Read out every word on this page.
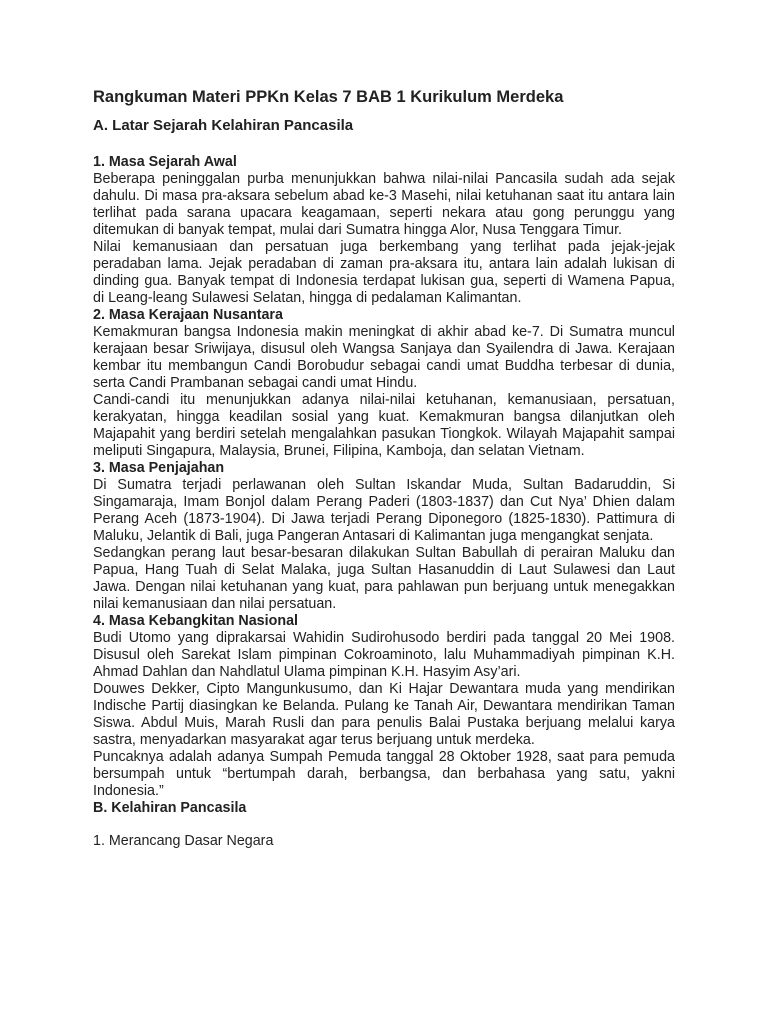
Rangkuman Materi PPKn Kelas 7 BAB 1 Kurikulum Merdeka
A. Latar Sejarah Kelahiran Pancasila
1. Masa Sejarah Awal

Beberapa peninggalan purba menunjukkan bahwa nilai-nilai Pancasila sudah ada sejak dahulu. Di masa pra-aksara sebelum abad ke-3 Masehi, nilai ketuhanan saat itu antara lain terlihat pada sarana upacara keagamaan, seperti nekara atau gong perunggu yang ditemukan di banyak tempat, mulai dari Sumatra hingga Alor, Nusa Tenggara Timur.

Nilai kemanusiaan dan persatuan juga berkembang yang terlihat pada jejak-jejak peradaban lama. Jejak peradaban di zaman pra-aksara itu, antara lain adalah lukisan di dinding gua. Banyak tempat di Indonesia terdapat lukisan gua, seperti di Wamena Papua, di Leang-leang Sulawesi Selatan, hingga di pedalaman Kalimantan.

2. Masa Kerajaan Nusantara

Kemakmuran bangsa Indonesia makin meningkat di akhir abad ke-7. Di Sumatra muncul kerajaan besar Sriwijaya, disusul oleh Wangsa Sanjaya dan Syailendra di Jawa. Kerajaan kembar itu membangun Candi Borobudur sebagai candi umat Buddha terbesar di dunia, serta Candi Prambanan sebagai candi umat Hindu.

Candi-candi itu menunjukkan adanya nilai-nilai ketuhanan, kemanusiaan, persatuan, kerakyatan, hingga keadilan sosial yang kuat. Kemakmuran bangsa dilanjutkan oleh Majapahit yang berdiri setelah mengalahkan pasukan Tiongkok. Wilayah Majapahit sampai meliputi Singapura, Malaysia, Brunei, Filipina, Kamboja, dan selatan Vietnam.

3. Masa Penjajahan

Di Sumatra terjadi perlawanan oleh Sultan Iskandar Muda, Sultan Badaruddin, Si Singamaraja, Imam Bonjol dalam Perang Paderi (1803-1837) dan Cut Nya’ Dhien dalam Perang Aceh (1873-1904). Di Jawa terjadi Perang Diponegoro (1825-1830). Pattimura di Maluku, Jelantik di Bali, juga Pangeran Antasari di Kalimantan juga mengangkat senjata.

Sedangkan perang laut besar-besaran dilakukan Sultan Babullah di perairan Maluku dan Papua, Hang Tuah di Selat Malaka, juga Sultan Hasanuddin di Laut Sulawesi dan Laut Jawa. Dengan nilai ketuhanan yang kuat, para pahlawan pun berjuang untuk menegakkan nilai kemanusiaan dan nilai persatuan.

4. Masa Kebangkitan Nasional

Budi Utomo yang diprakarsai Wahidin Sudirohusodo berdiri pada tanggal 20 Mei 1908. Disusul oleh Sarekat Islam pimpinan Cokroaminoto, lalu Muhammadiyah pimpinan K.H. Ahmad Dahlan dan Nahdlatul Ulama pimpinan K.H. Hasyim Asy’ari.

Douwes Dekker, Cipto Mangunkusumo, dan Ki Hajar Dewantara muda yang mendirikan Indische Partij diasingkan ke Belanda. Pulang ke Tanah Air, Dewantara mendirikan Taman Siswa. Abdul Muis, Marah Rusli dan para penulis Balai Pustaka berjuang melalui karya sastra, menyadarkan masyarakat agar terus berjuang untuk merdeka.

Puncaknya adalah adanya Sumpah Pemuda tanggal 28 Oktober 1928, saat para pemuda bersumpah untuk “bertumpah darah, berbangsa, dan berbahasa yang satu, yakni Indonesia.”

B. Kelahiran Pancasila

1. Merancang Dasar Negara
